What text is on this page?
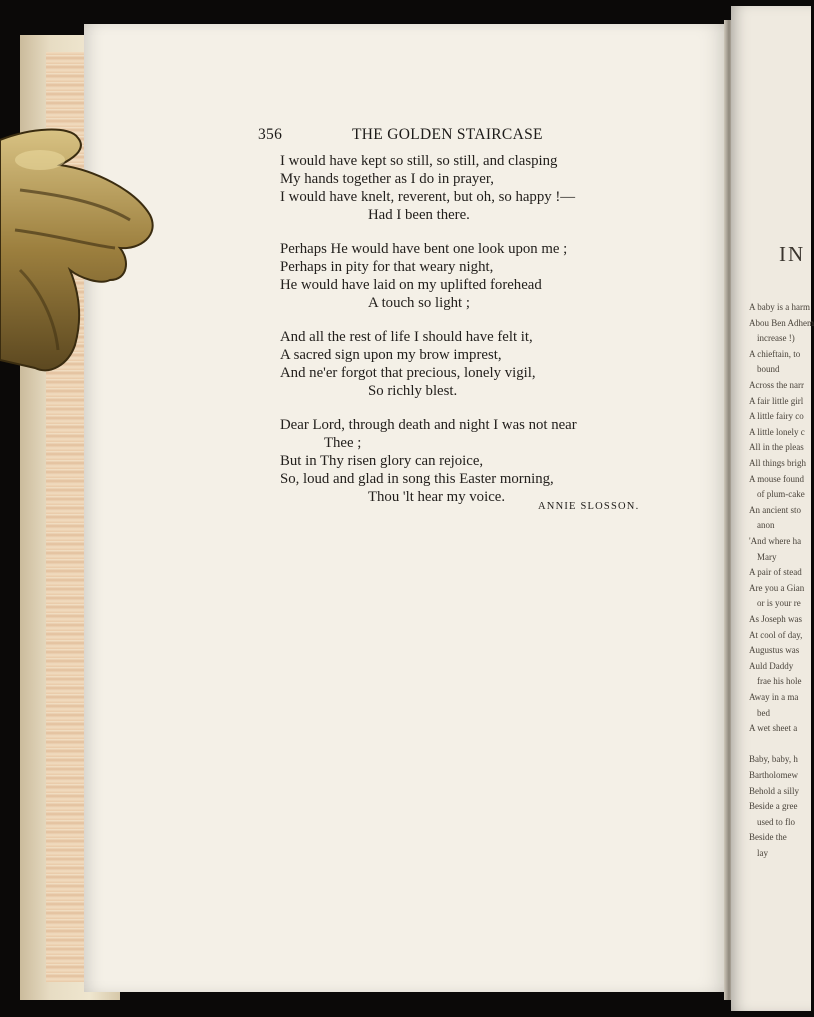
IN
A baby is a harm
Abou Ben Adhem
increase !)
A chieftain, to
bound
Across the narr
A fair little girl
A little fairy co
A little lonely c
All in the pleas
All things brigh
A mouse found
of plum-cake
An ancient sto
anon
'And where ha
Mary
A pair of stead
Are you a Gian
or is your re
As Joseph was
At cool of day,
Augustus was
Auld Daddy
frae his hole
Away in a ma
bed
A wet sheet a
Baby, baby, h
Bartholomew
Behold a silly
Beside a gree
used to flo
Beside the
lay
356	THE GOLDEN STAIRCASE
I would have kept so still, so still, and clasping
My hands together as I do in prayer,
I would have knelt, reverent, but oh, so happy !—
Had I been there.
Perhaps He would have bent one look upon me ;
Perhaps in pity for that weary night,
He would have laid on my uplifted forehead
A touch so light ;
And all the rest of life I should have felt it,
A sacred sign upon my brow imprest,
And ne'er forgot that precious, lonely vigil,
So richly blest.
Dear Lord, through death and night I was not near
Thee ;
But in Thy risen glory can rejoice,
So, loud and glad in song this Easter morning,
Thou 'lt hear my voice.
ANNIE SLOSSON.
